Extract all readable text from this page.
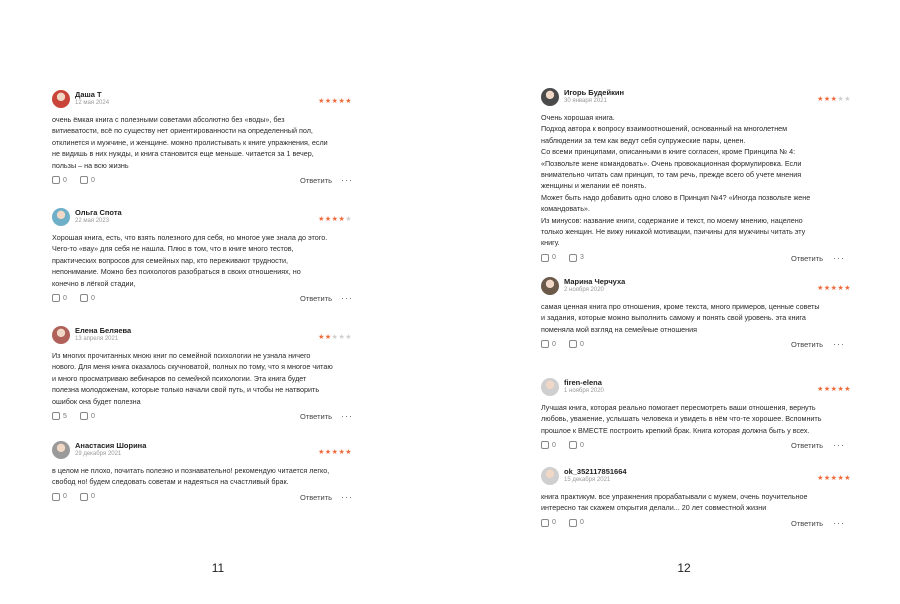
Даша Т
12 мая 2024	★★★★★

очень ёмкая книга с полезными советами абсолютно без «воды», без

витиеватости, всё по существу нет ориентированности на определенный пол,

отклинется и мужчине, и женщине. можно пролистывать к книге упражнения, если

не видишь в них нужды, и книга становится еще меньше. читается за 1 вечер,

пользы – на всю жизнь

0	0	Ответить ···
Ольга Спота
22 мая 2023	★★★★★

Хорошая книга, есть, что взять полезного для себя, но многое уже знала до этого.

Чего-то «вау» для себя не нашла. Плюс в том, что в книге много тестов,

практических вопросов для семейных пар, кто переживают трудности,

непонимание. Можно без психологов разобраться в своих отношениях, но

конечно в лёгкой стадии,

0	0	Ответить ···
Елена Беляева
13 апреля 2021	★★★★★

Из многих прочитанных мною книг по семейной психологии не узнала ничего

нового. Для меня книга оказалось скучноватой, полных по тому, что я многое читаю

и много просматриваю вебинаров по семейной психологии. Эта книга будет

полезна молодоженам, которые только начали свой путь, и чтобы не натворить

ошибок она будет полезна

5	0	Ответить ···
Анастасия Шорина
29 декабря 2021	★★★★★

в целом не плохо, почитать полезно и познавательно! рекомендую читается легко,

свобод но! будем следовать советам и надеяться на счастливый брак.

0	0	Ответить ···
11
Игорь Будейкин
30 января 2021	★★★★★

Очень хорошая книга.

Подход автора к вопросу взаимоотношений, основанный на многолетнем

наблюдении за тем как ведут себя супружеские пары, ценен.

Со всеми принципами, описанными в книге согласен, кроме Принципа № 4:

«Позвольте жене командовать». Очень провокационная формулировка. Если

внимательно читать сам принцип, то там речь, прежде всего об учете мнения

женщины и желании её понять.

Может быть надо добавить одно слово в Принцип №4? «Иногда позвольте жене

командовать».

Из минусов: название книги, содержание и текст, по моему мнению, нацелено

только женщин. Не вижу никакой мотивации, пэичины для мужчины читать эту

книгу.

0	3	Ответить ···
Марина Черчуха
2 ноября 2020	★★★★★

самая ценная книга про отношения, кроме текста, много примеров, ценные советы

и задания, которые можно выполнить самому и понять свой уровень. эта книга

поменяла мой взгляд на семейные отношения

0	0	Ответить ···
firen-elena
1 ноября 2020	★★★★★

Лучшая книга, которая реально помогает пересмотреть ваши отношения, вернуть

любовь, уважение, услышать человека и увидеть в нём что-те хорошее. Вспомнить

прошлое к ВМЕСТЕ построить крепкий брак. Книга которая должна быть у всех.

0	0	Ответить ···
ok_352117851664
15 декабря 2021	★★★★★

книга практикум. все упражнения прорабатывали с мужем, очень поучительное

интересно так скажем открытия делали... 20 лет совместной жизни

0	0	Ответить ···
12
